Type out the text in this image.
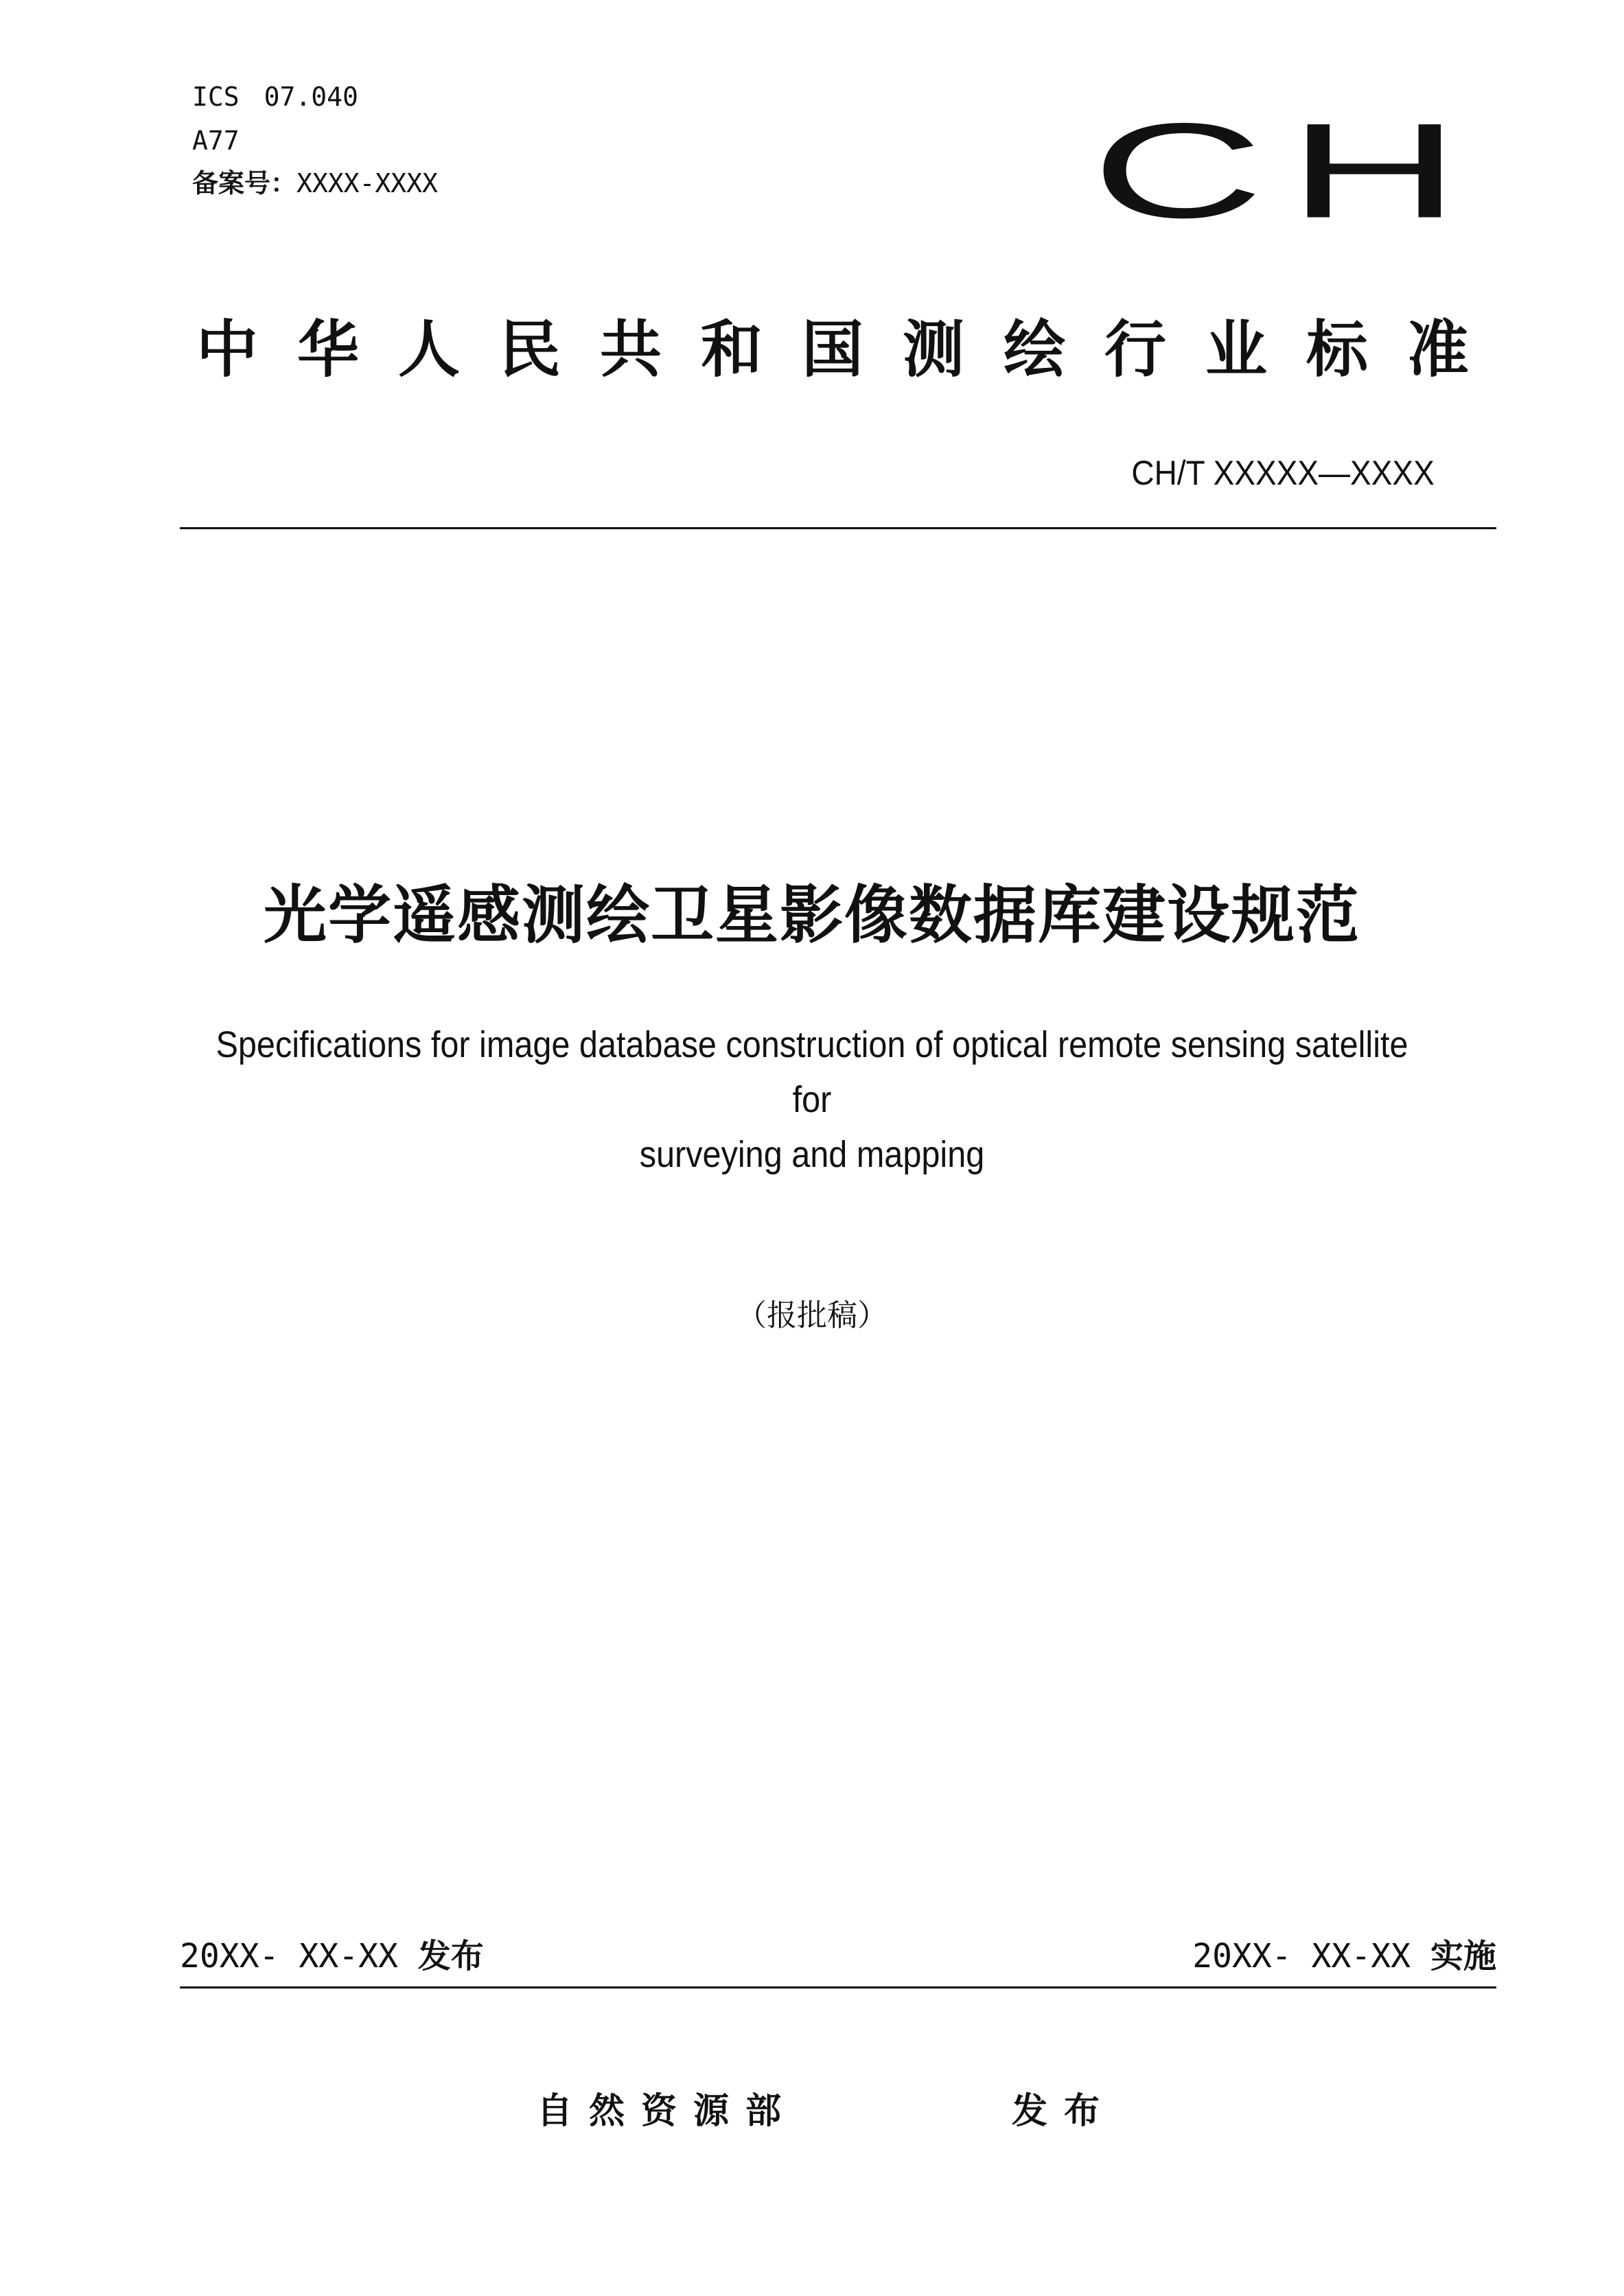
ICS 07.040
A77
备案号：XXXX-XXXX	CH
中华人民共和国测绘行业标准
CH/T XXXXX—XXXX
光学遥感测绘卫星影像数据库建设规范
Specifications for image database construction of optical remote sensing satellite for
surveying and mapping
（报批稿）
20XX- XX-XX 发布	20XX- XX-XX 实施
自然资源部	发布
